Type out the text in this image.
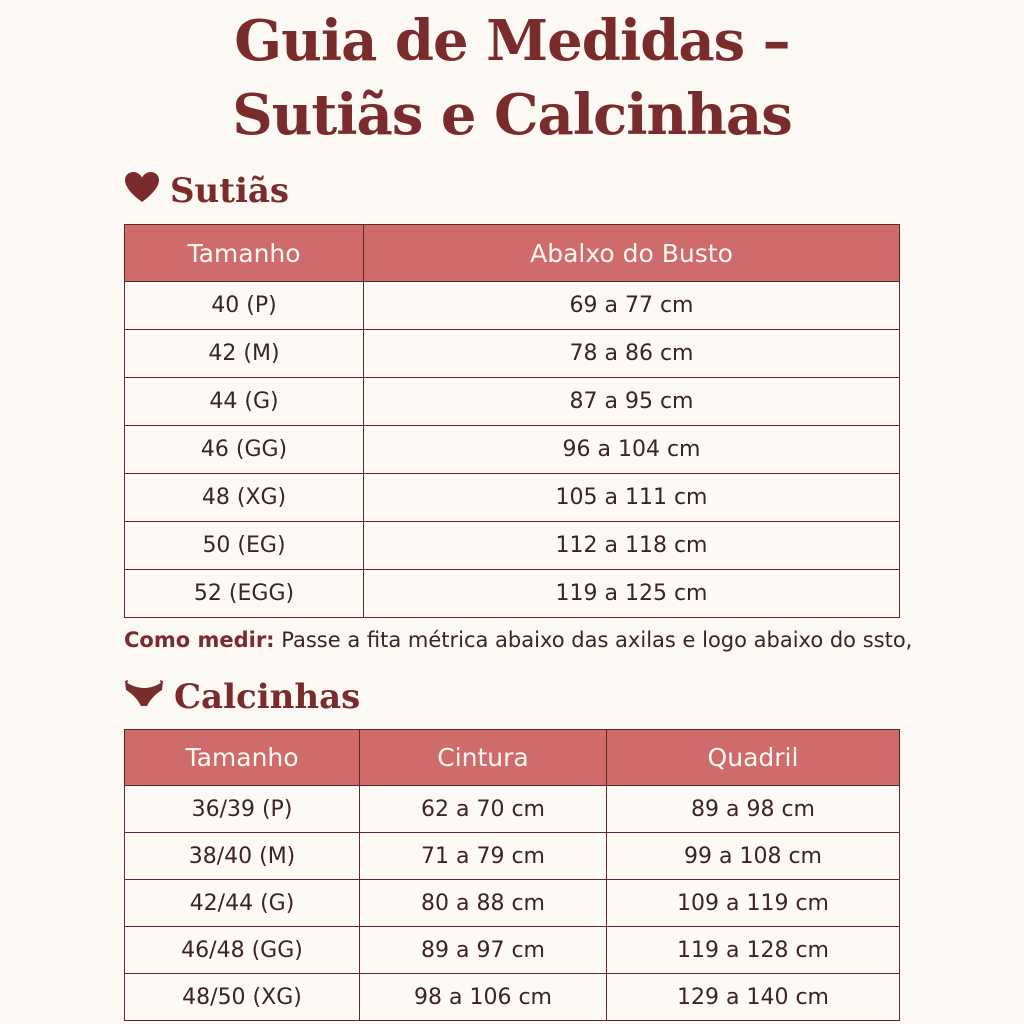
Guia de Medidas –
Sutiãs e Calcinhas
Sutiãs
Tamanho	Abalxo do Busto
40 (P)	69 a 77 cm
42 (M)	78 a 86 cm
44 (G)	87 a 95 cm
46 (GG)	96 a 104 cm
48 (XG)	105 a 111 cm
50 (EG)	112 a 118 cm
52 (EGG)	119 a 125 cm
Como medir: Passe a fita métrica abaixo das axilas e logo abaixo do ssto,
Calcinhas
Tamanho	Cintura	Quadril
36/39 (P)	62 a 70 cm	89 a 98 cm
38/40 (M)	71 a 79 cm	99 a 108 cm
42/44 (G)	80 a 88 cm	109 a 119 cm
46/48 (GG)	89 a 97 cm	119 a 128 cm
48/50 (XG)	98 a 106 cm	129 a 140 cm
